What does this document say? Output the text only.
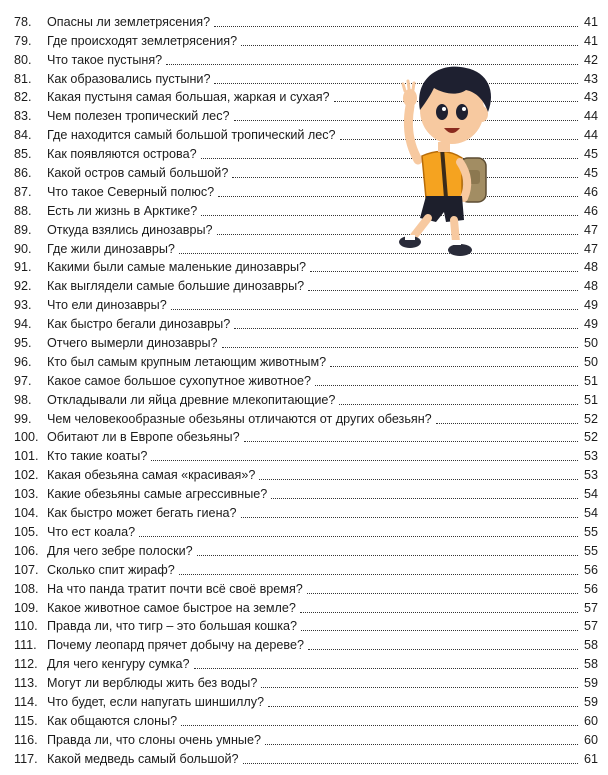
78.	Опасны ли землетрясения?	41
79.	Где происходят землетрясения?	41
80.	Что такое пустыня?	42
81.	Как образовались пустыни?	43
82.	Какая пустыня самая большая, жаркая и сухая?	43
83.	Чем полезен тропический лес?	44
84.	Где находится самый большой тропический лес?	44
85.	Как появляются острова?	45
86.	Какой остров самый большой?	45
87.	Что такое Северный полюс?	46
88.	Есть ли жизнь в Арктике?	46
89.	Откуда взялись динозавры?	47
90.	Где жили динозавры?	47
91.	Какими были самые маленькие динозавры?	48
92.	Как выглядели самые большие динозавры?	48
93.	Что ели динозавры?	49
94.	Как быстро бегали динозавры?	49
95.	Отчего вымерли динозавры?	50
96.	Кто был самым крупным летающим животным?	50
97.	Какое самое большое сухопутное животное?	51
98.	Откладывали ли яйца древние млекопитающие?	51
99.	Чем человекообразные обезьяны отличаются от других обезьян?	52
100. Обитают ли в Европе обезьяны?	52
101. Кто такие коаты?	53
102. Какая обезьяна самая «красивая»?	53
103. Какие обезьяны самые агрессивные?	54
104. Как быстро может бегать гиена?	54
105. Что ест коала?	55
106. Для чего зебре полоски?	55
107. Сколько спит жираф?	56
108. На что панда тратит почти всё своё время?	56
109. Какое животное самое быстрое на земле?	57
110. Правда ли, что тигр – это большая кошка?	57
111. Почему леопард прячет добычу на дереве?	58
112. Для чего кенгуру сумка?	58
113. Могут ли верблюды жить без воды?	59
114. Что будет, если напугать шиншиллу?	59
115. Как общаются слоны?	60
116. Правда ли, что слоны очень умные?	60
117. Какой медведь самый большой?	61
